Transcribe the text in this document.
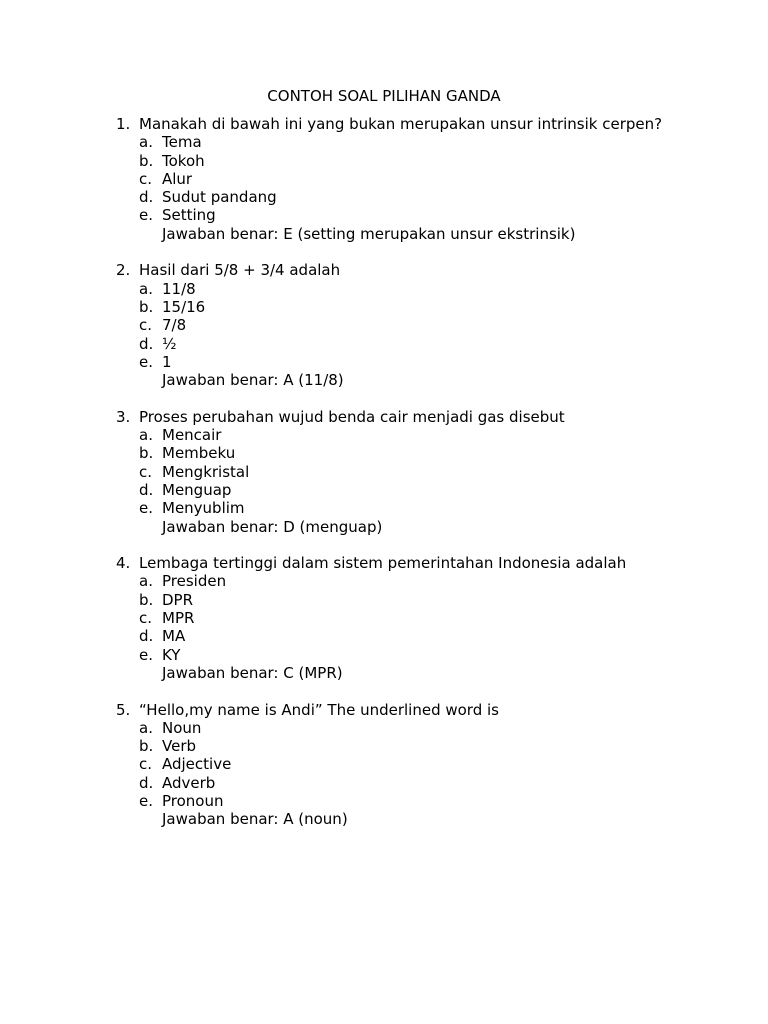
CONTOH SOAL PILIHAN GANDA
1. Manakah di bawah ini yang bukan merupakan unsur intrinsik cerpen?
a. Tema
b. Tokoh
c. Alur
d. Sudut pandang
e. Setting
Jawaban benar: E (setting merupakan unsur ekstrinsik)
2. Hasil dari 5/8 + 3/4 adalah
a. 11/8
b. 15/16
c. 7/8
d. ½
e. 1
Jawaban benar: A (11/8)
3. Proses perubahan wujud benda cair menjadi gas disebut
a. Mencair
b. Membeku
c. Mengkristal
d. Menguap
e. Menyublim
Jawaban benar: D (menguap)
4. Lembaga tertinggi dalam sistem pemerintahan Indonesia adalah
a. Presiden
b. DPR
c. MPR
d. MA
e. KY
Jawaban benar: C (MPR)
5. “Hello,my name is Andi” The underlined word is
a. Noun
b. Verb
c. Adjective
d. Adverb
e. Pronoun
Jawaban benar: A (noun)
